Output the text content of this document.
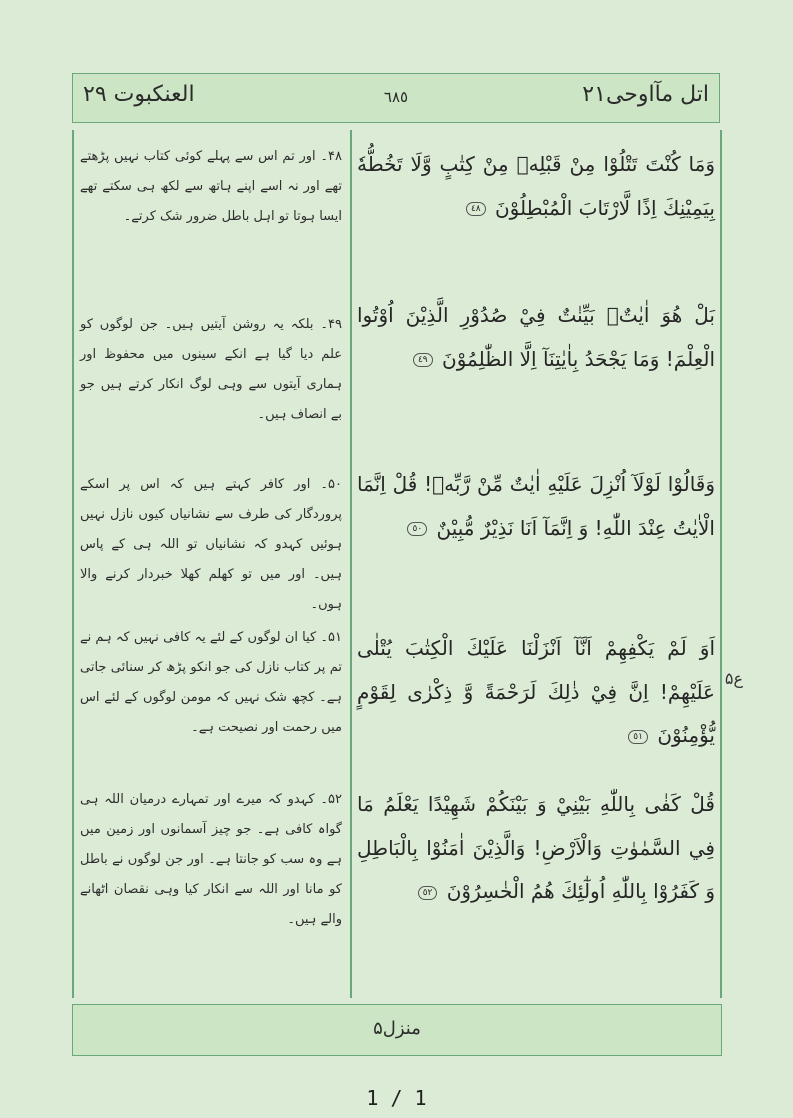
اتل مآاوحی۲۱
٦٨٥
العنکبوت ۲۹
۴۸۔ اور تم اس سے پہلے کوئی کتاب نہیں پڑھتے تھے اور نہ اسے اپنے ہاتھ سے لکھ ہی سکتے تھے ایسا ہوتا تو اہل باطل ضرور شک کرتے۔
وَمَا كُنْتَ تَتْلُوْا مِنْ قَبْلِهٖ مِنْ كِتٰبٍ وَّلَا تَخُطُّهٗ بِيَمِيْنِكَ اِذًا لَّارْتَابَ الْمُبْطِلُوْنَ ٤٨
۴۹۔ بلکہ یہ روشن آیتیں ہیں۔ جن لوگوں کو علم دیا گیا ہے انکے سینوں میں محفوظ اور ہماری آیتوں سے وہی لوگ انکار کرتے ہیں جو بے انصاف ہیں۔
بَلْ هُوَ اٰيٰتٌۢ بَيِّنٰتٌ فِيْ صُدُوْرِ الَّذِيْنَ اُوْتُوا الْعِلْمَ! وَمَا يَجْحَدُ بِاٰيٰتِنَآ اِلَّا الظّٰلِمُوْنَ ٤٩
۵۰۔ اور کافر کہتے ہیں کہ اس پر اسکے پروردگار کی طرف سے نشانیاں کیوں نازل نہیں ہوئیں کہدو کہ نشانیاں تو اللہ ہی کے پاس ہیں۔ اور میں تو کھلم کھلا خبردار کرنے والا ہوں۔
وَقَالُوْا لَوْلَآ اُنْزِلَ عَلَيْهِ اٰيٰتٌ مِّنْ رَّبِّهٖ! قُلْ اِنَّمَا الْاٰيٰتُ عِنْدَ اللّٰهِ! وَ اِنَّمَآ اَنَا نَذِيْرٌ مُّبِيْنٌ ٥٠
۵۱۔ کیا ان لوگوں کے لئے یہ کافی نہیں کہ ہم نے تم پر کتاب نازل کی جو انکو پڑھ کر سنائی جاتی ہے۔ کچھ شک نہیں کہ مومن لوگوں کے لئے اس میں رحمت اور نصیحت ہے۔
اَوَ لَمْ يَكْفِهِمْ اَنَّآ اَنْزَلْنَا عَلَيْكَ الْكِتٰبَ يُتْلٰى عَلَيْهِمْ! اِنَّ فِيْ ذٰلِكَ لَرَحْمَةً وَّ ذِكْرٰى لِقَوْمٍ يُّؤْمِنُوْنَ ٥١
ع۵
۵۲۔ کہدو کہ میرے اور تمہارے درمیان اللہ ہی گواہ کافی ہے۔ جو چیز آسمانوں اور زمین میں ہے وہ سب کو جانتا ہے۔ اور جن لوگوں نے باطل کو مانا اور اللہ سے انکار کیا وہی نقصان اٹھانے والے ہیں۔
قُلْ كَفٰى بِاللّٰهِ بَيْنِيْ وَ بَيْنَكُمْ شَهِيْدًا يَعْلَمُ مَا فِي السَّمٰوٰتِ وَالْاَرْضِ! وَالَّذِيْنَ اٰمَنُوْا بِالْبَاطِلِ وَ كَفَرُوْا بِاللّٰهِ اُولٰٓئِكَ هُمُ الْخٰسِرُوْنَ ٥٢
منزل۵
1 / 1
